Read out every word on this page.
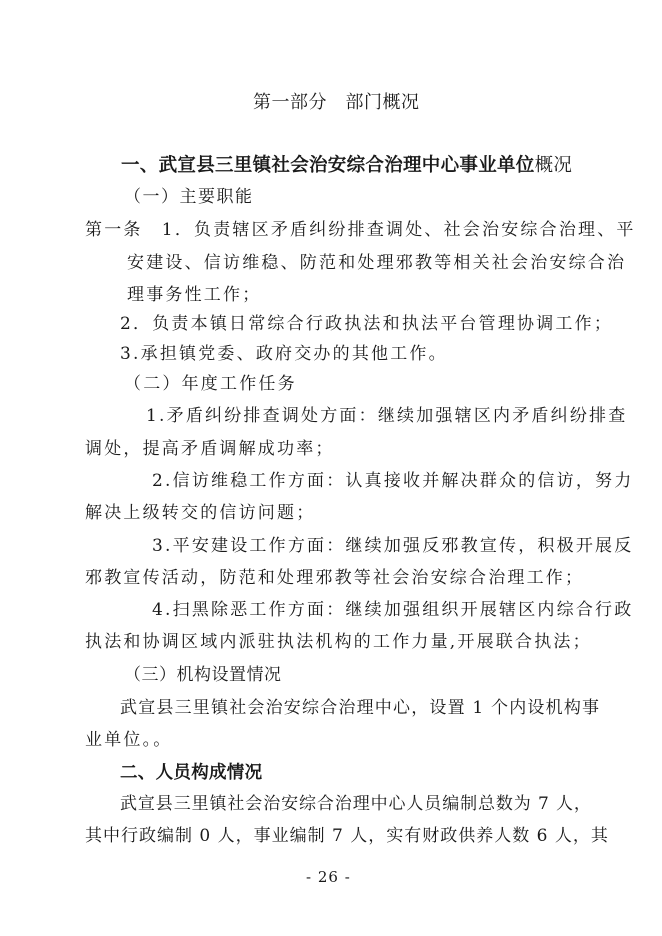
第一部分　部门概况
一、武宣县三里镇社会治安综合治理中心事业单位概况
（一）主要职能
第一条　1．负责辖区矛盾纠纷排查调处、社会治安综合治理、平
安建设、信访维稳、防范和处理邪教等相关社会治安综合治
理事务性工作；
2．负责本镇日常综合行政执法和执法平台管理协调工作；
3.承担镇党委、政府交办的其他工作。
（二）年度工作任务
1.矛盾纠纷排查调处方面：继续加强辖区内矛盾纠纷排查
调处，提高矛盾调解成功率；
2.信访维稳工作方面：认真接收并解决群众的信访，努力
解决上级转交的信访问题；
3.平安建设工作方面：继续加强反邪教宣传，积极开展反
邪教宣传活动，防范和处理邪教等社会治安综合治理工作；
4.扫黑除恶工作方面：继续加强组织开展辖区内综合行政
执法和协调区域内派驻执法机构的工作力量,开展联合执法；
（三）机构设置情况
武宣县三里镇社会治安综合治理中心，设置 1 个内设机构事
业单位。。
二、人员构成情况
武宣县三里镇社会治安综合治理中心人员编制总数为 7 人，
其中行政编制 0 人，事业编制 7 人，实有财政供养人数 6 人，其
- 26 -
